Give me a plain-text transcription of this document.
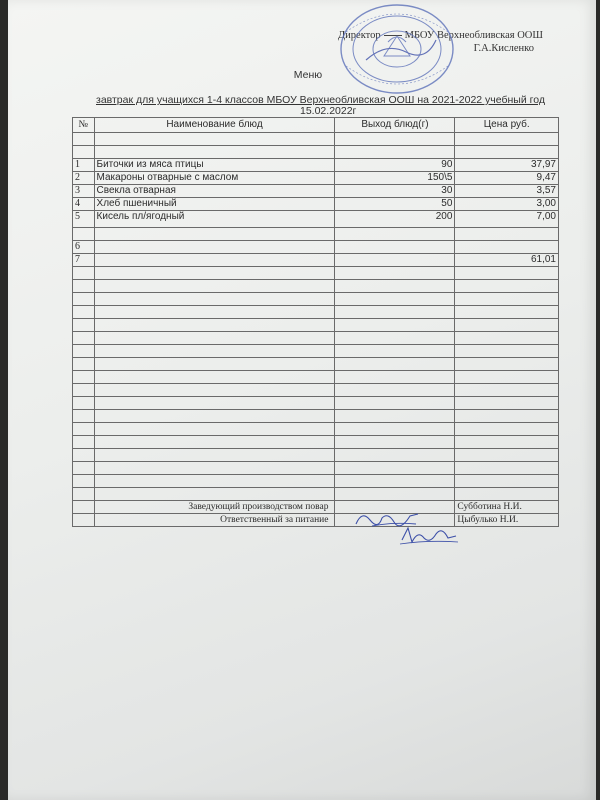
Директор МБОУ Верхнеобливская ООШ
Г.А.Кисленко
Меню
завтрак для учащихся 1-4 классов МБОУ Верхнеобливская ООШ на 2021-2022 учебный год
15.02.2022г
№	Наименование блюд	Выход блюд(г)	Цена руб.

1	Биточки из мяса птицы	90	37,97
2	Макароны отварные с маслом	150\5	9,47
3	Свекла отварная	30	3,57
4	Хлеб пшеничный	50	3,00
5	Кисель пл/ягодный	200	7,00

6			
7			61,01

	Заведующий производством повар		Субботина Н.И.
	Ответственный за питание		Цыбулько Н.И.
